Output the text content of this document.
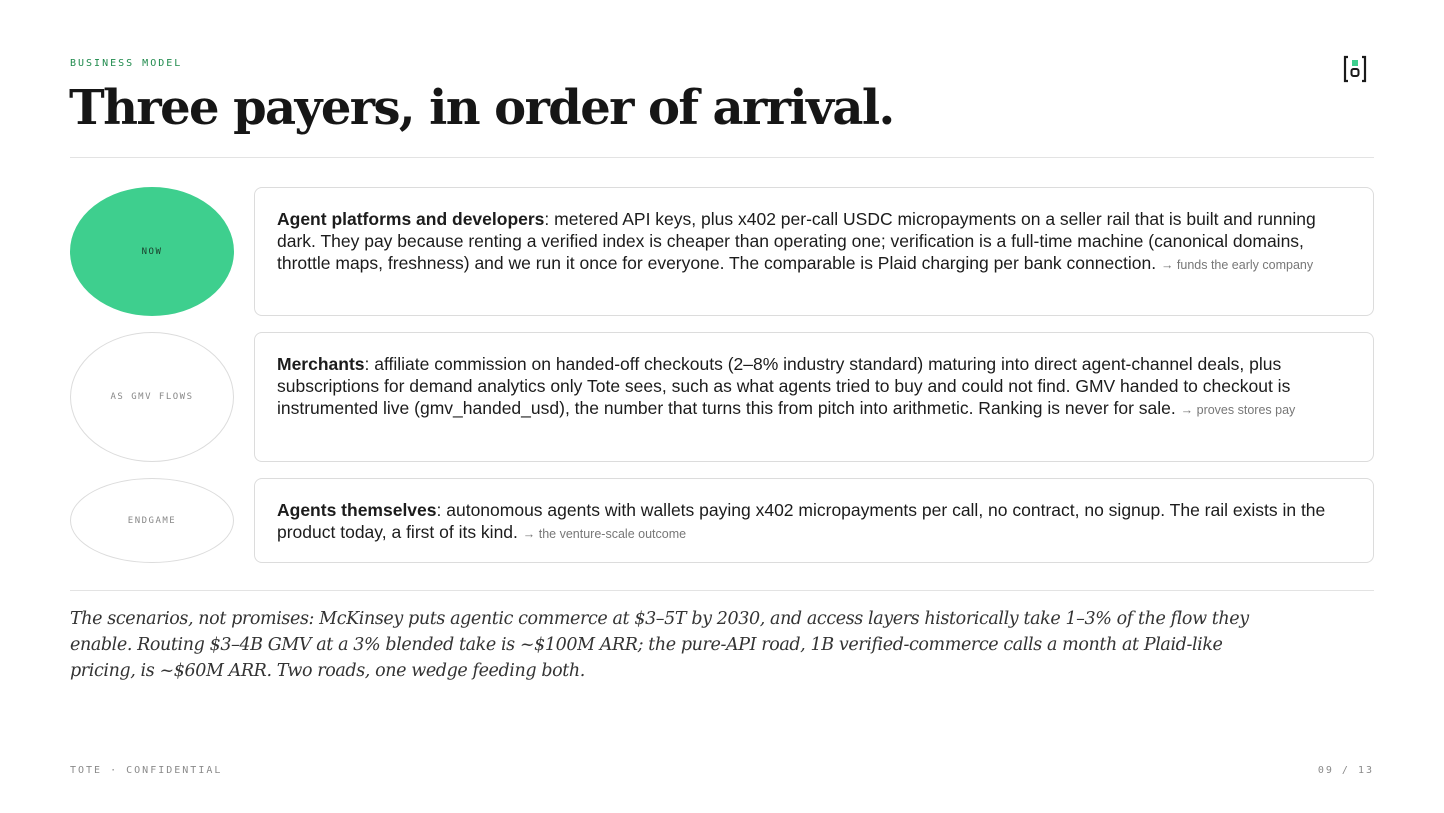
BUSINESS MODEL
Three payers, in order of arrival.
NOW
Agent platforms and developers: metered API keys, plus x402 per-call USDC micropayments on a seller rail that is built and running dark. They pay because renting a verified index is cheaper than operating one; verification is a full-time machine (canonical domains, throttle maps, freshness) and we run it once for everyone. The comparable is Plaid charging per bank connection. → funds the early company
AS GMV FLOWS
Merchants: affiliate commission on handed-off checkouts (2–8% industry standard) maturing into direct agent-channel deals, plus subscriptions for demand analytics only Tote sees, such as what agents tried to buy and could not find. GMV handed to checkout is instrumented live (gmv_handed_usd), the number that turns this from pitch into arithmetic. Ranking is never for sale. → proves stores pay
ENDGAME
Agents themselves: autonomous agents with wallets paying x402 micropayments per call, no contract, no signup. The rail exists in the product today, a first of its kind. → the venture-scale outcome

The scenarios, not promises: McKinsey puts agentic commerce at $3–5T by 2030, and access layers historically take 1–3% of the flow they enable. Routing $3–4B GMV at a 3% blended take is ~$100M ARR; the pure-API road, 1B verified-commerce calls a month at Plaid-like pricing, is ~$60M ARR. Two roads, one wedge feeding both.

TOTE · CONFIDENTIAL	09 / 13
